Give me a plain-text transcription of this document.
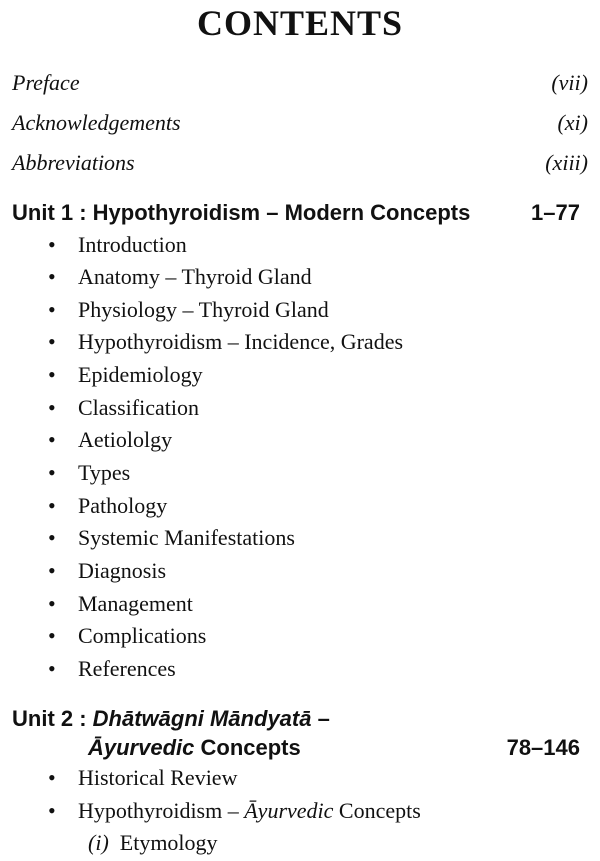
CONTENTS
Preface	(vii)
Acknowledgements	(xi)
Abbreviations	(xiii)
Unit 1 : Hypothyroidism – Modern Concepts	1–77
• Introduction
• Anatomy – Thyroid Gland
• Physiology – Thyroid Gland
• Hypothyroidism – Incidence, Grades
• Epidemiology
• Classification
• Aetiololgy
• Types
• Pathology
• Systemic Manifestations
• Diagnosis
• Management
• Complications
• References
Unit 2 : Dhātwāgni Māndyatā –
Āyurvedic Concepts	78–146
• Historical Review
• Hypothyroidism – Āyurvedic Concepts
(i) Etymology
